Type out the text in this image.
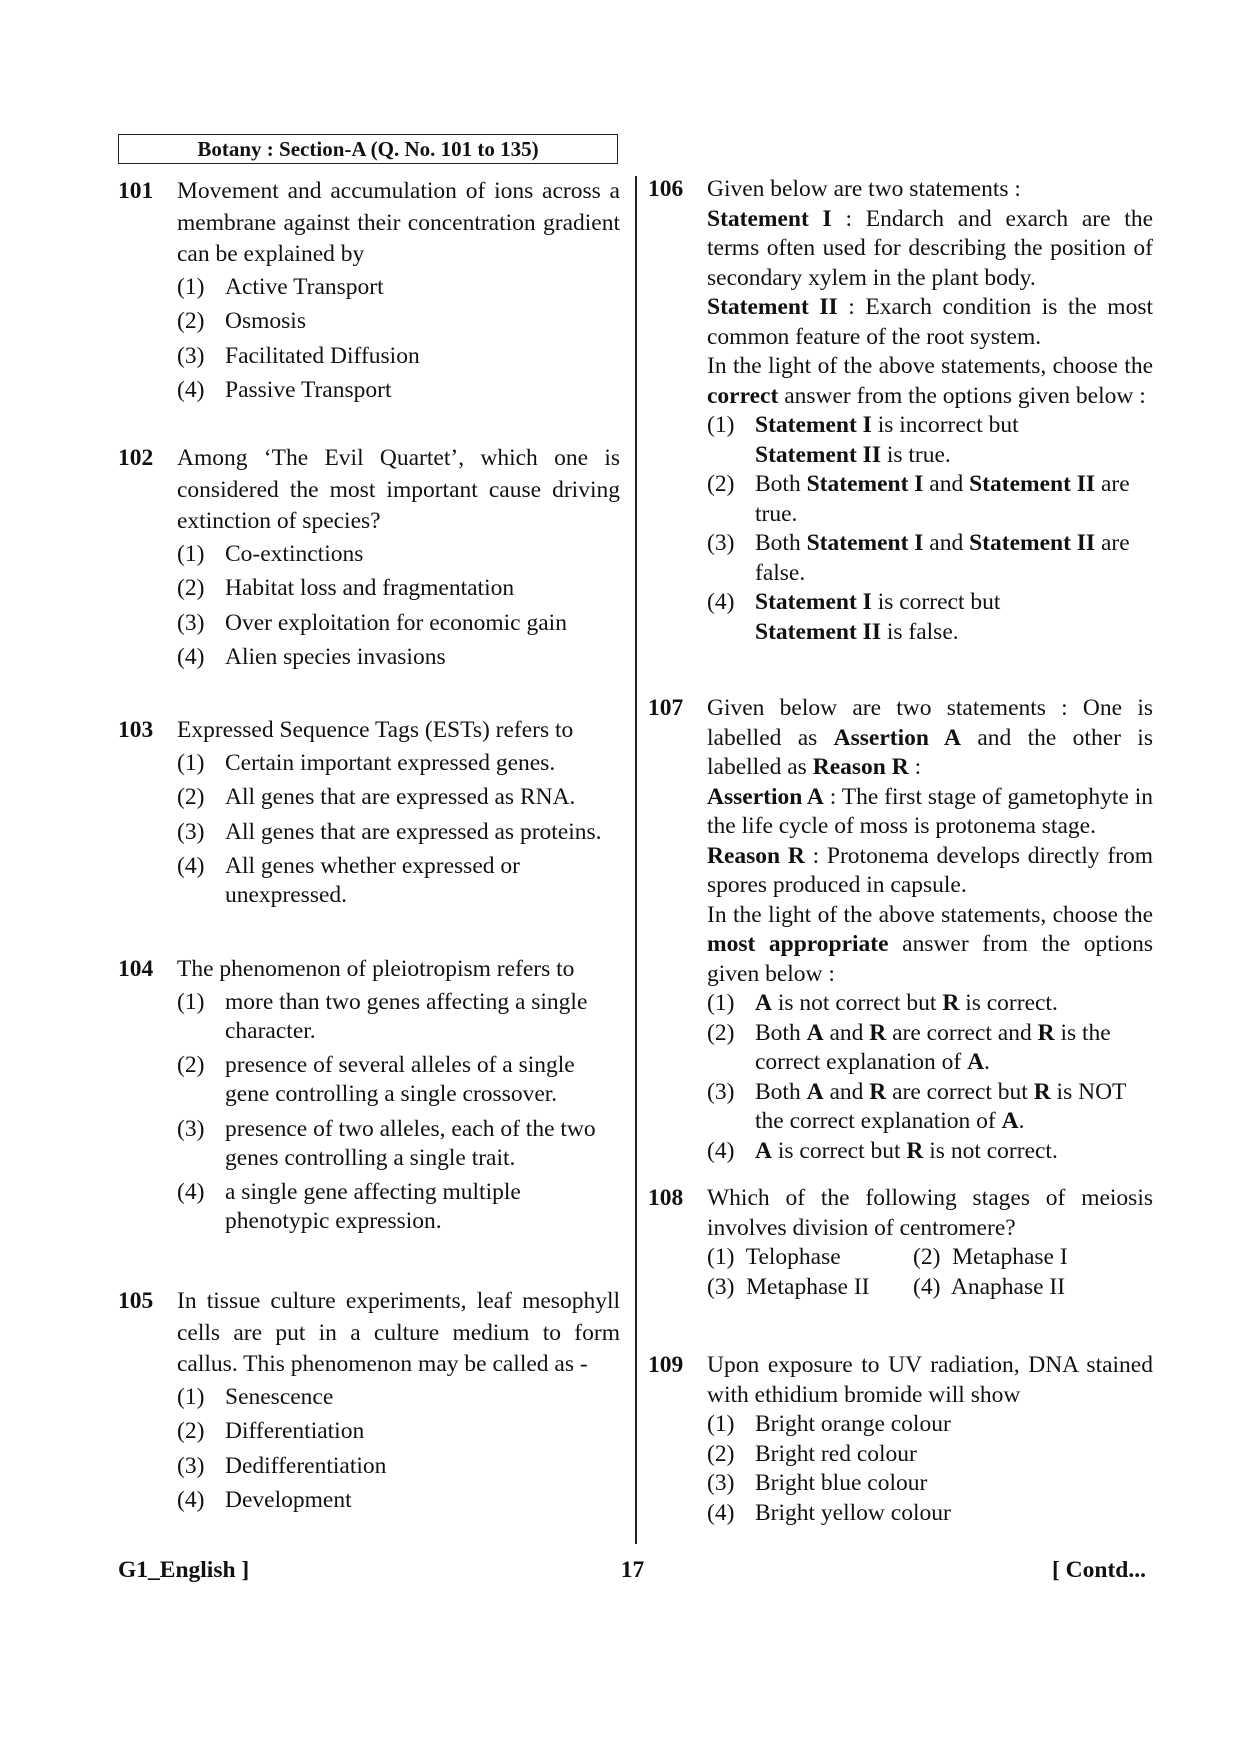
Botany : Section-A (Q. No. 101 to 135)
101 Movement and accumulation of ions across a membrane against their concentration gradient can be explained by
(1) Active Transport
(2) Osmosis
(3) Facilitated Diffusion
(4) Passive Transport
102 Among ‘The Evil Quartet’, which one is considered the most important cause driving extinction of species?
(1) Co-extinctions
(2) Habitat loss and fragmentation
(3) Over exploitation for economic gain
(4) Alien species invasions
103 Expressed Sequence Tags (ESTs) refers to
(1) Certain important expressed genes.
(2) All genes that are expressed as RNA.
(3) All genes that are expressed as proteins.
(4) All genes whether expressed or unexpressed.
104 The phenomenon of pleiotropism refers to
(1) more than two genes affecting a single character.
(2) presence of several alleles of a single gene controlling a single crossover.
(3) presence of two alleles, each of the two genes controlling a single trait.
(4) a single gene affecting multiple phenotypic expression.
105 In tissue culture experiments, leaf mesophyll cells are put in a culture medium to form callus. This phenomenon may be called as -
(1) Senescence
(2) Differentiation
(3) Dedifferentiation
(4) Development
106 Given below are two statements :
Statement I : Endarch and exarch are the terms often used for describing the position of secondary xylem in the plant body.
Statement II : Exarch condition is the most common feature of the root system.
In the light of the above statements, choose the correct answer from the options given below :
(1) Statement I is incorrect but
Statement II is true.
(2) Both Statement I and Statement II are true.
(3) Both Statement I and Statement II are false.
(4) Statement I is correct but
Statement II is false.
107 Given below are two statements : One is labelled as Assertion A and the other is labelled as Reason R :
Assertion A : The first stage of gametophyte in the life cycle of moss is protonema stage.
Reason R : Protonema develops directly from spores produced in capsule.
In the light of the above statements, choose the most appropriate answer from the options given below :
(1) A is not correct but R is correct.
(2) Both A and R are correct and R is the correct explanation of A.
(3) Both A and R are correct but R is NOT the correct explanation of A.
(4) A is correct but R is not correct.
108 Which of the following stages of meiosis involves division of centromere?
(1) Telophase	(2) Metaphase I
(3) Metaphase II (4) Anaphase II
109 Upon exposure to UV radiation, DNA stained with ethidium bromide will show
(1) Bright orange colour
(2) Bright red colour
(3) Bright blue colour
(4) Bright yellow colour
G1_English ]	17	[ Contd...
